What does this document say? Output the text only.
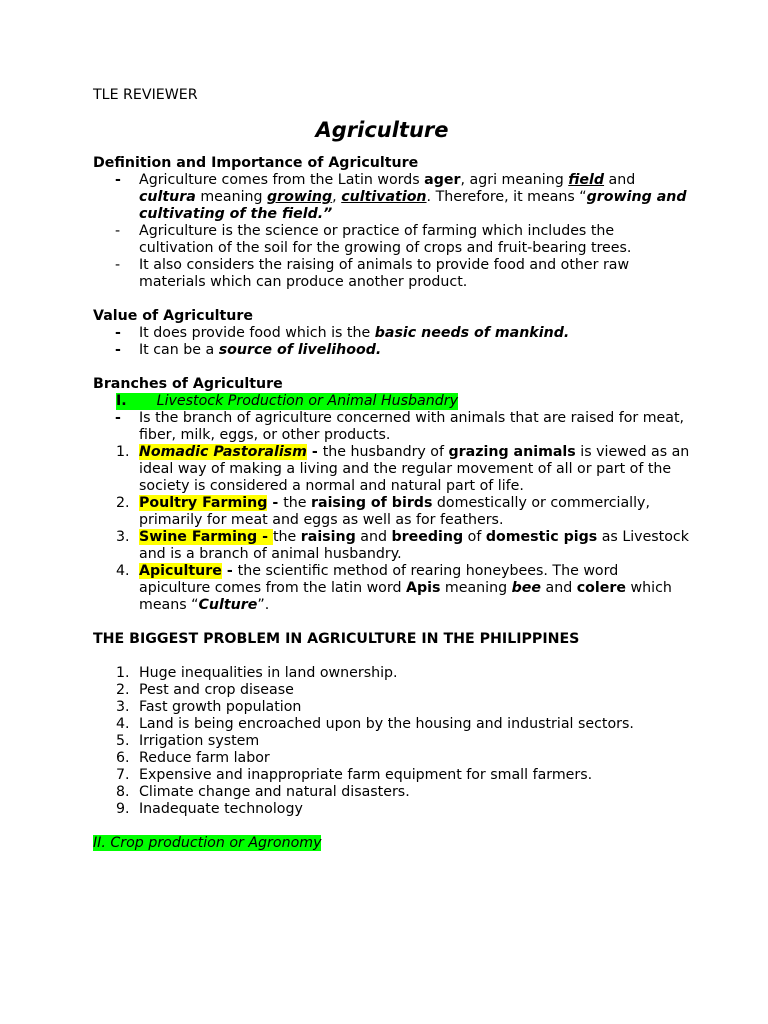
TLE REVIEWER

Agriculture

Definition and Importance of Agriculture

- Agriculture comes from the Latin words ager, agri meaning field and cultura meaning growing, cultivation. Therefore, it means “growing and cultivating of the field.”
- Agriculture is the science or practice of farming which includes the cultivation of the soil for the growing of crops and fruit-bearing trees.
- It also considers the raising of animals to provide food and other raw materials which can produce another product.

Value of Agriculture

- It does provide food which is the basic needs of mankind.
- It can be a source of livelihood.

Branches of Agriculture

I. Livestock Production or Animal Husbandry
- Is the branch of agriculture concerned with animals that are raised for meat, fiber, milk, eggs, or other products.
1. Nomadic Pastoralism - the husbandry of grazing animals is viewed as an ideal way of making a living and the regular movement of all or part of the society is considered a normal and natural part of life.
2. Poultry Farming - the raising of birds domestically or commercially, primarily for meat and eggs as well as for feathers.
3. Swine Farming - the raising and breeding of domestic pigs as Livestock and is a branch of animal husbandry.
4. Apiculture - the scientific method of rearing honeybees. The word apiculture comes from the latin word Apis meaning bee and colere which means “Culture”.

THE BIGGEST PROBLEM IN AGRICULTURE IN THE PHILIPPINES

1. Huge inequalities in land ownership.
2. Pest and crop disease
3. Fast growth population
4. Land is being encroached upon by the housing and industrial sectors.
5. Irrigation system
6. Reduce farm labor
7. Expensive and inappropriate farm equipment for small farmers.
8. Climate change and natural disasters.
9. Inadequate technology

II. Crop production or Agronomy
